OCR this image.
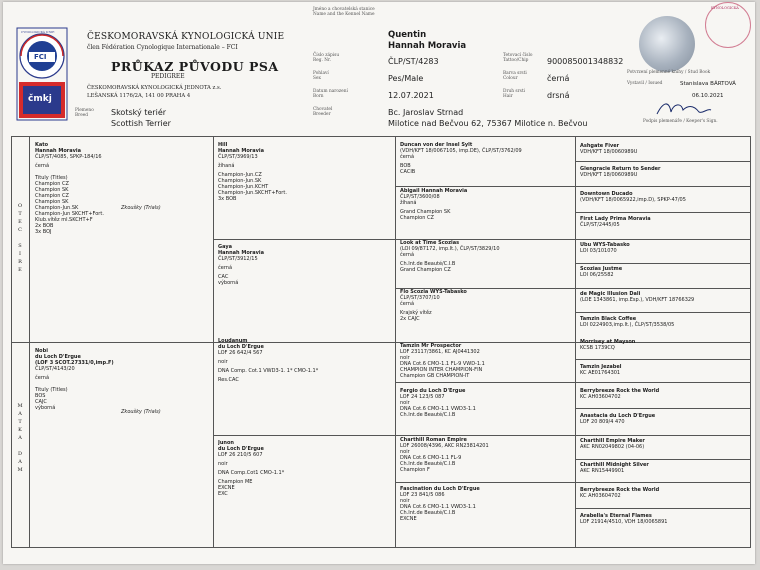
FCI
CYNOLOGICKÁ UNIE
čmkj
ČESKOMORAVSKÁ KYNOLOGICKÁ UNIE
člen Fédération Cynologique Internationale – FCI
PRŮKAZ PŮVODU PSA
PEDIGREE
ČESKOMORAVSKÁ KYNOLOGICKÁ JEDNOTA z.s.
LEŠANSKÁ 1176/2A, 141 00 PRAHA 4
Plemeno
Breed	Skotský teriér
Scottish Terrier
Jméno a chovatelská stanice
Name and the Kennel Name
Quentin
Hannah Moravia
Číslo zápisu
Reg. Nr.	ČLP/ST/4283
Tetovací číslo
Tattoo/Chip	900085001348832
Pohlaví
Sex	Pes/Male
Barva srsti
Colour	černá
Datum narození
Born	12.07.2021	Druh srsti
Hair	drsná
Chovatel
Breeder	Bc. Jaroslav Strnad
Milotice nad Bečvou 62, 75367 Milotice n. Bečvou
KYNOLOGICKÁ
Potvrzení plemenné knihy / Stud Book
Vystavil / Issued	Stanislava BÁRTOVÁ
06.10.2021
Podpis plemenáře / Keeper's Sign.
O
T
E
C

S
I
R
E
M
A
T
K
A

D
A
M
Kato
Hannah Moravia
ČLP/ST/4085, SPKP-184/16

černá

Tituly (Titles)
Champion CZ
Champion SK
Champion CZ
Champion SK
Champion-Jun.SK
Champion-Jun SKCHT+Fort.
Klub.vítěz ml.SKCHT+F
2x BOB
3x BOJ
Zkoušky (Trials)
Nobi
du Loch D'Ergue
(LOF 3 SCOT.27331/0,imp.F)
ČLP/ST/4143/20

černá

Tituly (Titles)
BOS
CAJC
výborná
Zkoušky (Trials)
Hill
Hannah Moravia
ČLP/ST/3969/13

žíhaná

Champion-Jun.CZ
Champion-Jun.SK
Champion-Jun.KCHT
Champion-Jun.SKCHT+Fort.
3x BOB
Gaya
Hannah Moravia
ČLP/ST/3912/15

černá

CAC
výborná
Loudanum
du Loch D'Ergue
LOF 26 642/4 567

noir

DNA Comp. Cot.1 VWD3-1. 1* CMO-1.1*

Res.CAC
Junon
du Loch D'Ergue
LOF 26 210/5 607

noir

DNA Comp.Cot1 CMO-1.1*

Champion ME
EXCNE
EXC
Duncan von der Insel Sylt
(VDH/KFT 18/0067105, imp.DE), ČLP/ST/3762/09
černá

BOB
CACIB
Abigail Hannah Moravia
ČLP/ST/3600/08
žíhaná

Grand Champion SK
Champion CZ
Look at Time Scozias
(LOI 09/87172, imp.It.), ČLP/ST/3829/10
černá

Ch.Int.de Beauté/C.I.B
Grand Champion CZ
Flo Scozia WYS-Tabasko
ČLP/ST/3707/10
černá

Krajský vítěz
2x CAJC
Tamzin Mr Prospector
LOF 23117/3861, KC AJ0441302
noir
DNA Cot.6 CMO-1.1 FL-9 VWD-1.1
CHAMPION INTER CHAMPION-FIN
Champion GB CHAMPION-IT
Fergio du Loch D'Ergue
LOF 24 123/5 087
noir
DNA Cot.6 CMO-1.1 VWD3-1.1
Ch.Int.de Beauté/C.I.B
Charthill Roman Empire
LOF 26008/4396, AKC RN23814201
noir
DNA Cot.6 CMO-1.1 FL-9
Ch.Int.de Beauté/C.I.B
Champion F
Fascination du Loch D'Ergue
LOF 23 841/5 086
noir
DNA Cot.6 CMO-1.1 VWD3-1.1
Ch.Int.de Beauté/C.I.B
EXCNE
Ashgate Fiver
VDH/KFT 18/0060989U
Glengracie Return to Sender
VDH/KFT 18/0060989U
Downtown Ducado
(VDH/KFT 18/0065922,imp.D), SPKP-47/05
First Lady Prima Moravia
ČLP/ST/2445/05
Ubu WYS-Tabasko
LOI 03/101070
Scozias Justme
LOI 06/25582
de Magic Illusion Dali
(LOE 1343861, imp.Esp.), VDH/KFT 18766329
Tamzin Black Coffee
LOI 0224903,imp.It.), ČLP/ST/3538/05
Morrisey at Mayson
KCSB 1739CQ
Tamzin Jezabel
KC AE01764301
Berrybreeze Rock the World
KC AH03604702
Anastacia du Loch D'Ergue
LOF 20 809/4 470
Charthill Empire Maker
AKC RN02049802 (04-06)
Charthill Midnight Silver
AKC RN15449901
Berrybreeze Rock the World
KC AH03604702
Arabella's Eternal Flames
LOF 21914/4510, VDH 18/0065891
